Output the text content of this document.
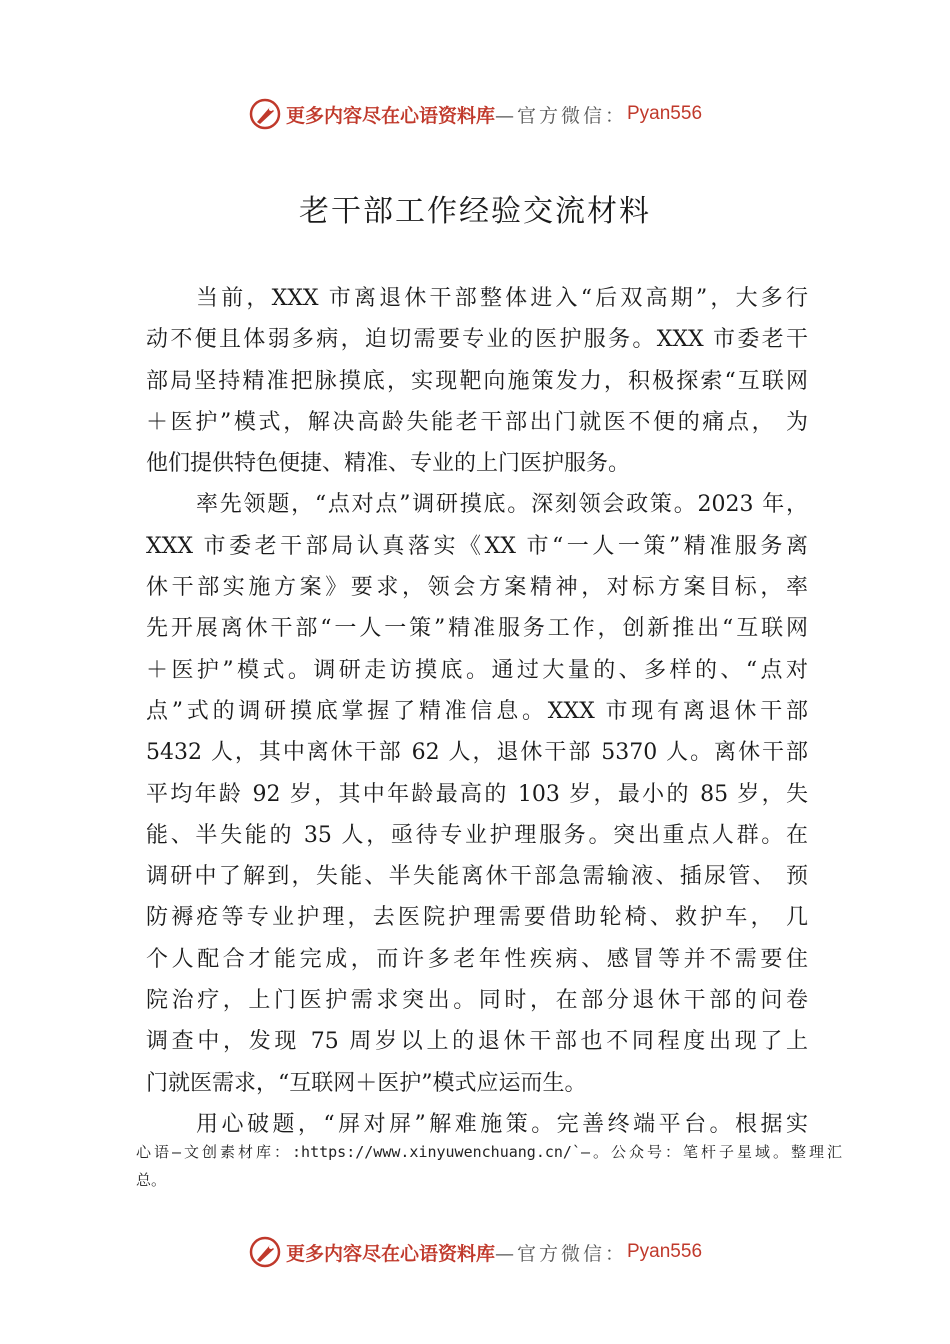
更多内容尽在心语资料库 —官方微信： Pyan556
老干部工作经验交流材料
当前，XXX 市离退休干部整体进入“后双高期”，大多行
动不便且体弱多病，迫切需要专业的医护服务。XXX 市委老干
部局坚持精准把脉摸底，实现靶向施策发力，积极探索“互联网
＋医护”模式，解决高龄失能老干部出门就医不便的痛点， 为
他们提供特色便捷、精准、专业的上门医护服务。
率先领题，“点对点”调研摸底。深刻领会政策。2023 年，
XXX 市委老干部局认真落实《XX 市“一人一策”精准服务离
休干部实施方案》要求，领会方案精神，对标方案目标，率
先开展离休干部“一人一策”精准服务工作，创新推出“互联网
＋医护”模式。调研走访摸底。通过大量的、多样的、“点对
点”式的调研摸底掌握了精准信息。XXX 市现有离退休干部
5432 人，其中离休干部 62 人，退休干部 5370 人。离休干部
平均年龄 92 岁，其中年龄最高的 103 岁，最小的 85 岁，失
能、半失能的 35 人，亟待专业护理服务。突出重点人群。在
调研中了解到，失能、半失能离休干部急需输液、插尿管、 预
防褥疮等专业护理，去医院护理需要借助轮椅、救护车， 几
个人配合才能完成，而许多老年性疾病、感冒等并不需要住
院治疗，上门医护需求突出。同时，在部分退休干部的问卷
调查中，发现 75 周岁以上的退休干部也不同程度出现了上
门就医需求，“互联网＋医护”模式应运而生。
用心破题，“屏对屏”解难施策。完善终端平台。根据实
心语—文创素材库：:https://www.xinyuwenchuang.cn/`—。公众号：笔杆子星域。整理汇
总。
更多内容尽在心语资料库 —官方微信： Pyan556
